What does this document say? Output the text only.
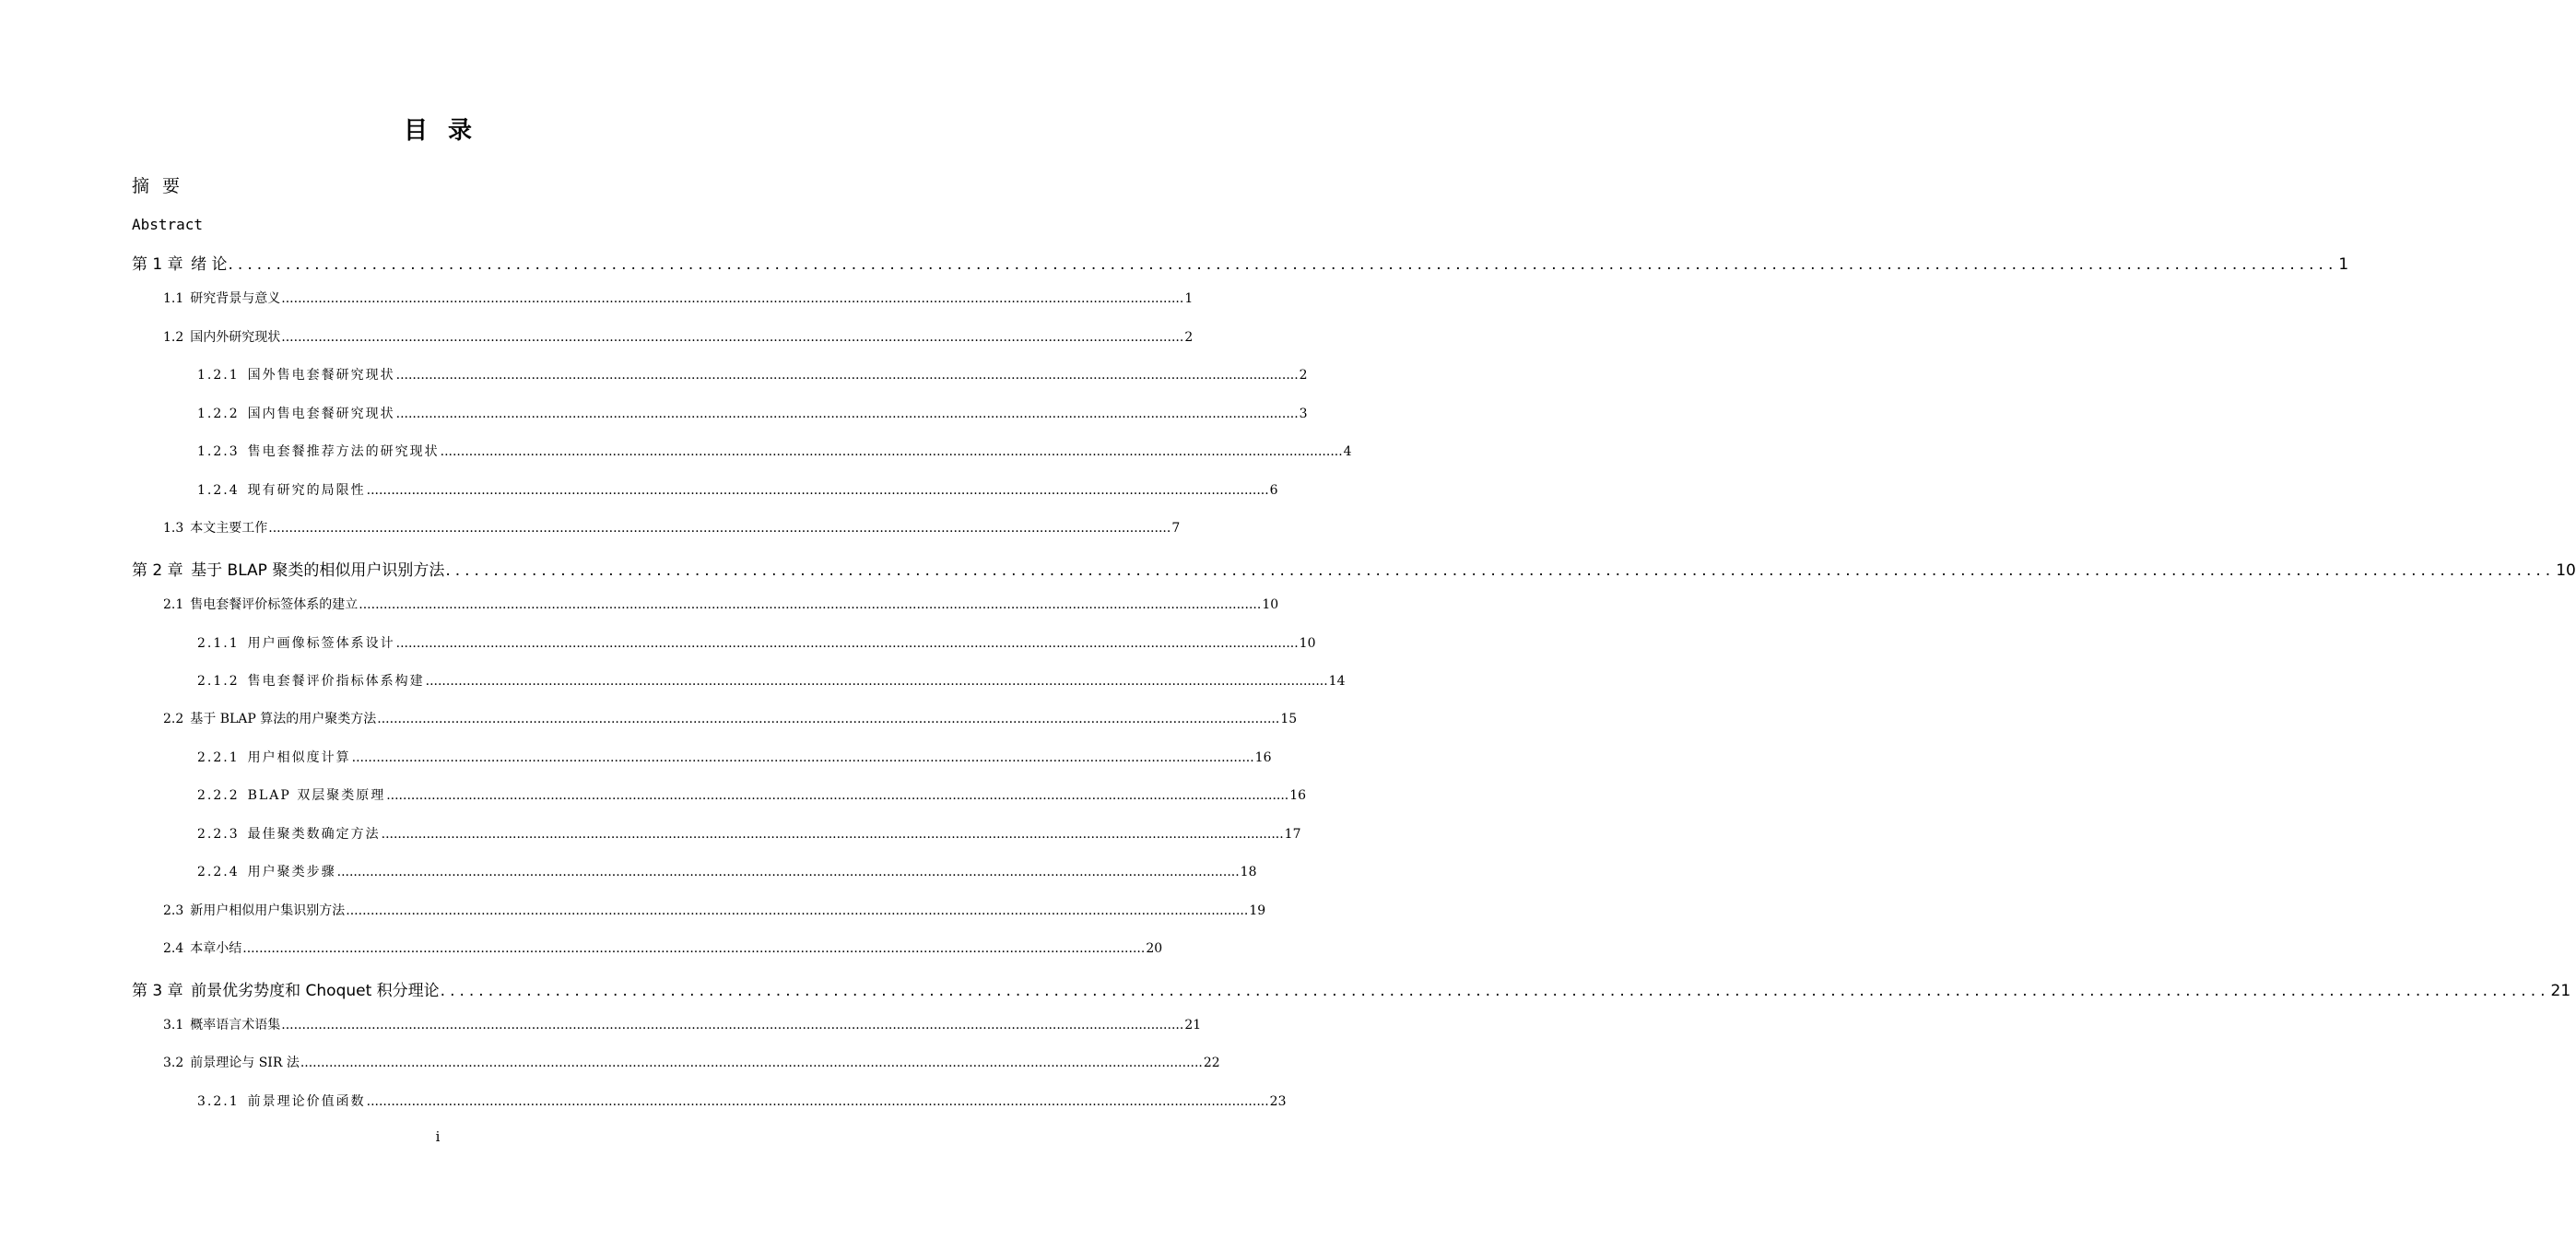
目录

摘要

Abstract

第 1 章  绪 论 ............................................................................................................................................................................................................................ 1
1.1  研究背景与意义 ............................................................................................................................................................................................................................ 1
1.2  国内外研究现状 ............................................................................................................................................................................................................................ 2
1.2.1  国外售电套餐研究现状 ............................................................................................................................................................................................................................ 2
1.2.2  国内售电套餐研究现状 ............................................................................................................................................................................................................................ 3
1.2.3  售电套餐推荐方法的研究现状 ............................................................................................................................................................................................................................ 4
1.2.4  现有研究的局限性 ............................................................................................................................................................................................................................ 6
1.3  本文主要工作 ............................................................................................................................................................................................................................ 7
第 2 章  基于 BLAP 聚类的相似用户识别方法 ............................................................................................................................................................................................................................ 10
2.1  售电套餐评价标签体系的建立 ............................................................................................................................................................................................................................ 10
2.1.1  用户画像标签体系设计 ............................................................................................................................................................................................................................ 10
2.1.2  售电套餐评价指标体系构建 ............................................................................................................................................................................................................................ 14
2.2  基于 BLAP 算法的用户聚类方法 ............................................................................................................................................................................................................................ 15
2.2.1  用户相似度计算 ............................................................................................................................................................................................................................ 16
2.2.2  BLAP 双层聚类原理 ............................................................................................................................................................................................................................ 16
2.2.3  最佳聚类数确定方法 ............................................................................................................................................................................................................................ 17
2.2.4  用户聚类步骤 ............................................................................................................................................................................................................................ 18
2.3  新用户相似用户集识别方法 ............................................................................................................................................................................................................................ 19
2.4  本章小结 ............................................................................................................................................................................................................................ 20
第 3 章  前景优劣势度和 Choquet 积分理论 ............................................................................................................................................................................................................................ 21
3.1  概率语言术语集 ............................................................................................................................................................................................................................ 21
3.2  前景理论与 SIR 法 ............................................................................................................................................................................................................................ 22
3.2.1  前景理论价值函数 ............................................................................................................................................................................................................................ 23

i
